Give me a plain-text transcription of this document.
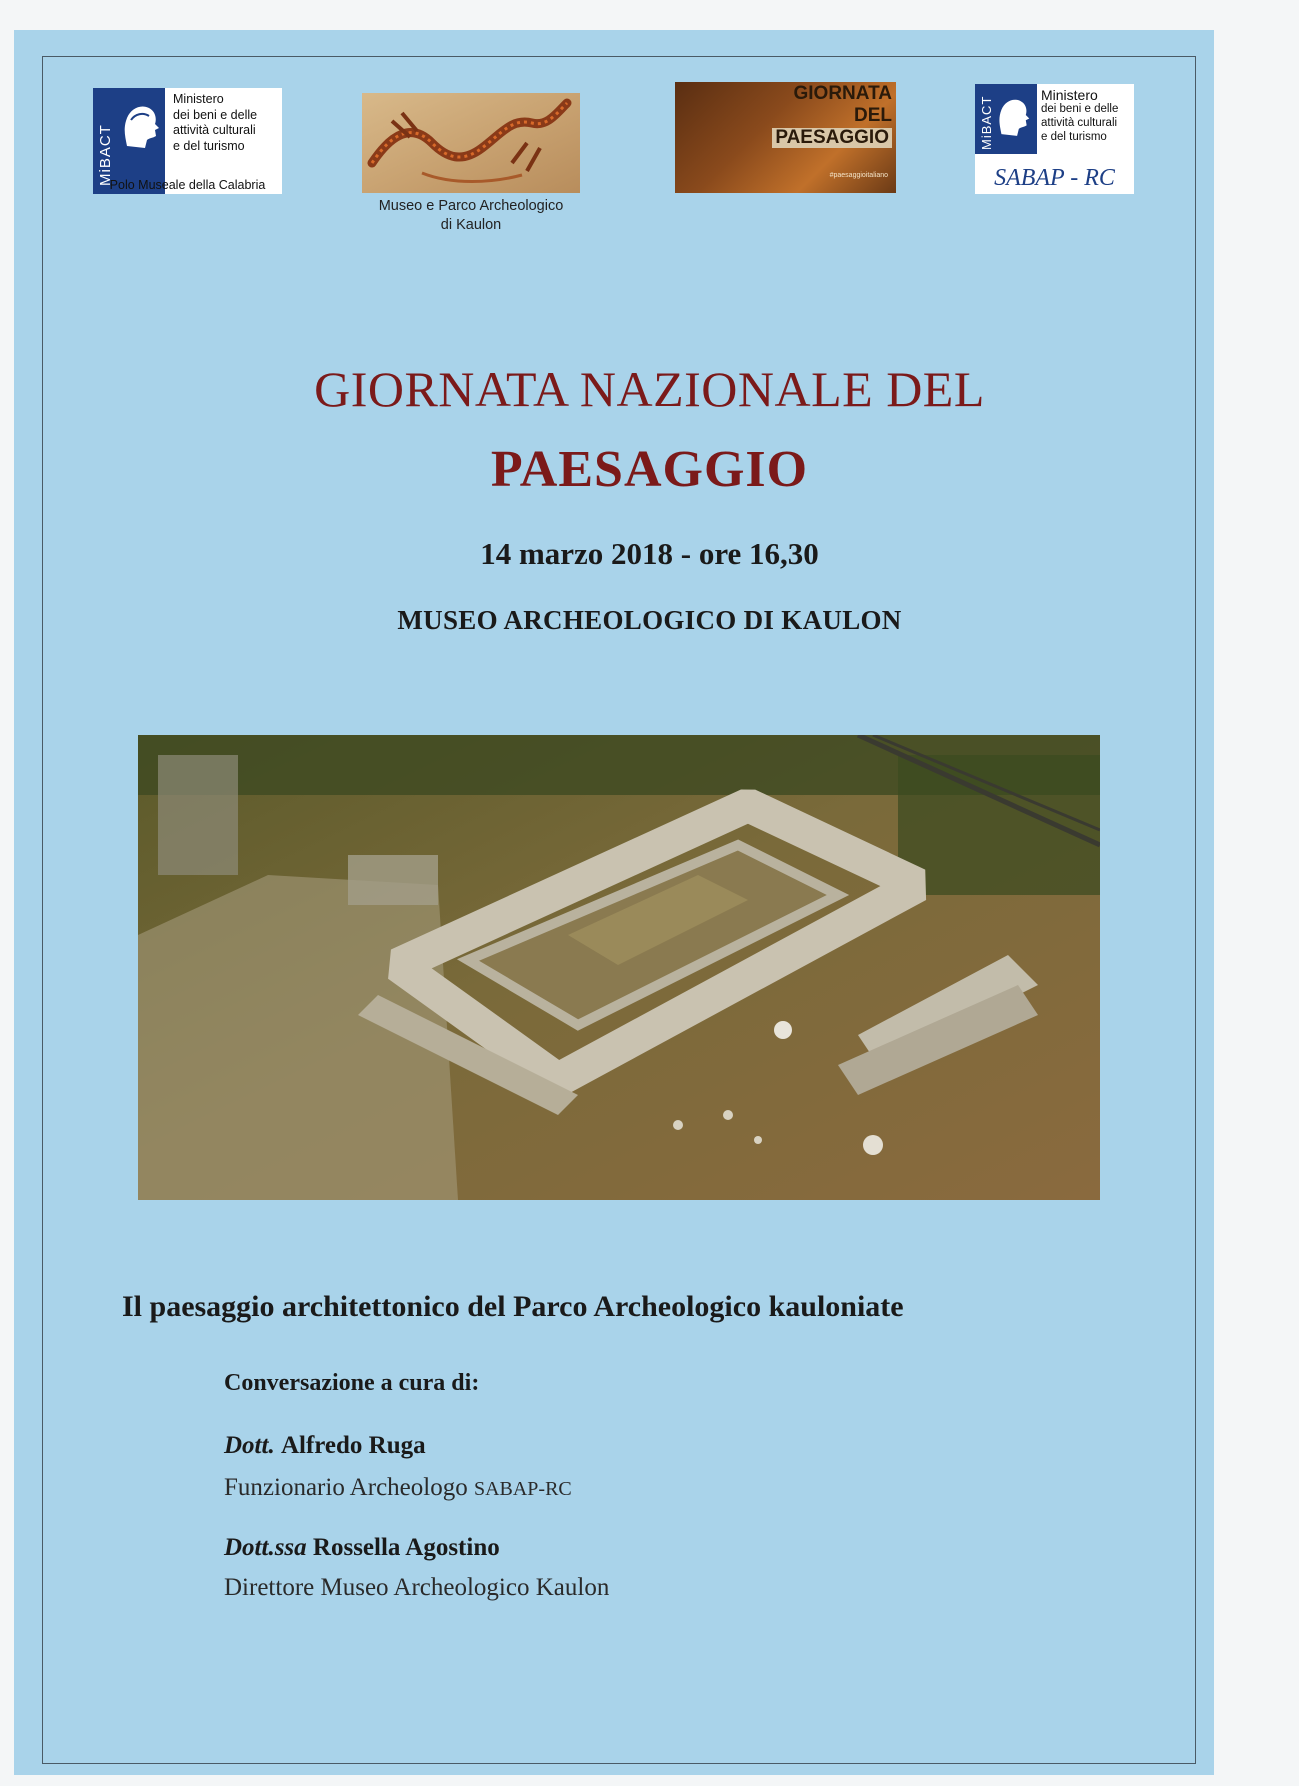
MiBACT
Ministero
dei beni e delle
attività culturali
e del turismo
Polo Museale della Calabria
Museo e Parco Archeologico
di Kaulon
GIORNATA
DEL
PAESAGGIO
#paesaggioitaliano
MiBACT
Ministero
dei beni e delle
attività culturali
e del turismo
SABAP - RC
GIORNATA NAZIONALE DEL
PAESAGGIO
14 marzo 2018 - ore 16,30
MUSEO ARCHEOLOGICO DI KAULON
Il paesaggio architettonico del Parco Archeologico kauloniate
Conversazione a cura di:
Dott. Alfredo Ruga
Funzionario Archeologo SABAP-RC
Dott.ssa Rossella Agostino
Direttore Museo Archeologico Kaulon
